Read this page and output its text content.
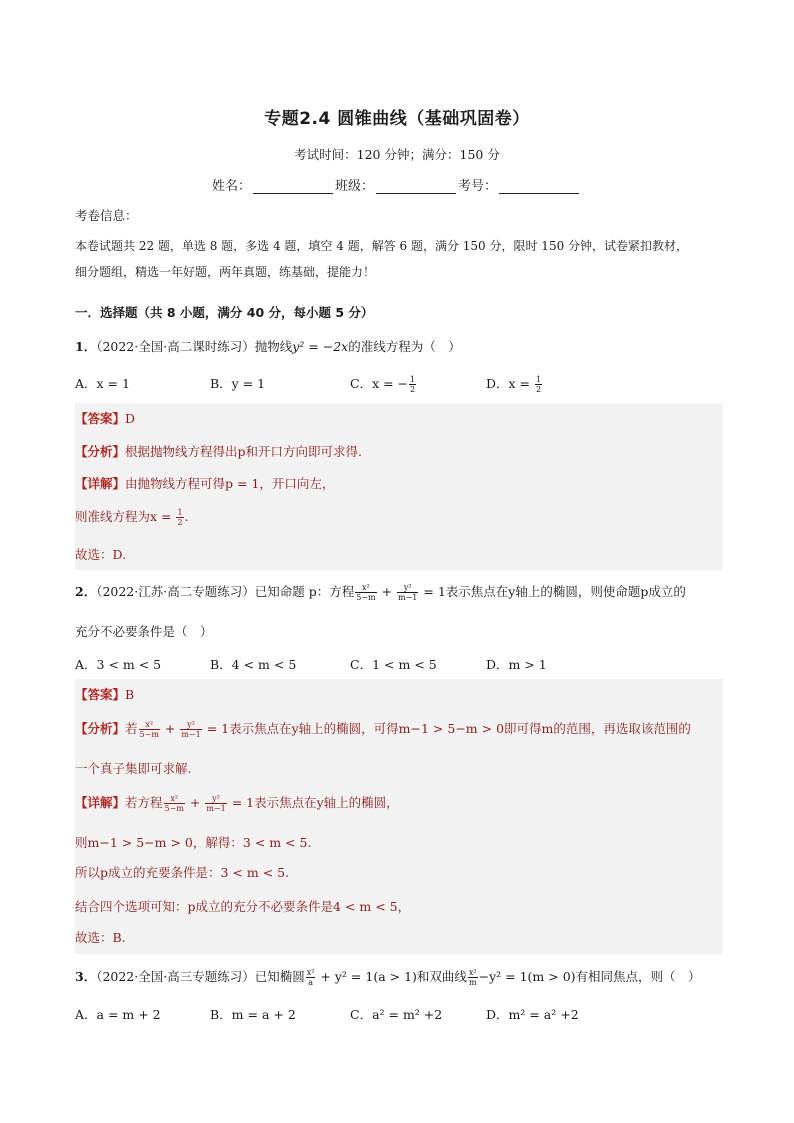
专题2.4 圆锥曲线（基础巩固卷）
考试时间：120 分钟；满分：150 分
姓名：	班级：	考号：
考卷信息：
本卷试题共 22 题，单选 8 题，多选 4 题，填空 4 题，解答 6 题，满分 150 分，限时 150 分钟，试卷紧扣教材，
细分题组，精选一年好题，两年真题，练基础，提能力！
一．选择题（共 8 小题，满分 40 分，每小题 5 分）
1．（2022·全国·高二课时练习）抛物线y² = −2x的准线方程为（　）
A．x = 1	B．y = 1	C．x = − $\frac{1}{2}$	D．$x = \frac{1}{2}$
【答案】D
【分析】根据抛物线方程得出p和开口方向即可求得.
【详解】由抛物线方程可得p = 1，开口向左，
则准线方程为$x = \frac{1}{2}$ .
故选：D.
2．（2022·江苏·高二专题练习）已知命题 p：方程 $\frac{\text{x²}}{5-m} + \frac{\text{y²}}{m-1} = 1$表示焦点在y轴上的椭圆，则使命题p成立的
充分不必要条件是（　）
A．3 < m < 5	B．4 < m < 5	C．1 < m < 5	D．m > 1
【答案】B
【分析】若 $\frac{\text{x²}}{5-m} + \frac{\text{y²}}{m-1} = 1$表示焦点在y轴上的椭圆，可得m−1 > 5−m > 0即可得m的范围，再选取该范围的
一个真子集即可求解.
【详解】若方程 $\frac{\text{x²}}{5-m} + \frac{\text{y²}}{m-1} = 1$表示焦点在y轴上的椭圆，
则m−1 > 5−m > 0，解得：3 < m < 5.
所以p成立的充要条件是：3 < m < 5.
结合四个选项可知：p成立的充分不必要条件是4 < m < 5，
故选：B.
3．（2022·全国·高三专题练习）已知椭圆 $\frac{\text{x²}}{a} + y^2 = 1(a > 1)$和双曲线 $\frac{\text{x²}}{m} -y^2 = 1(m > 0)$有相同焦点，则（　）
A．a = m + 2	B．m = a + 2	C．a² = m² +2	D．m² = a² +2
